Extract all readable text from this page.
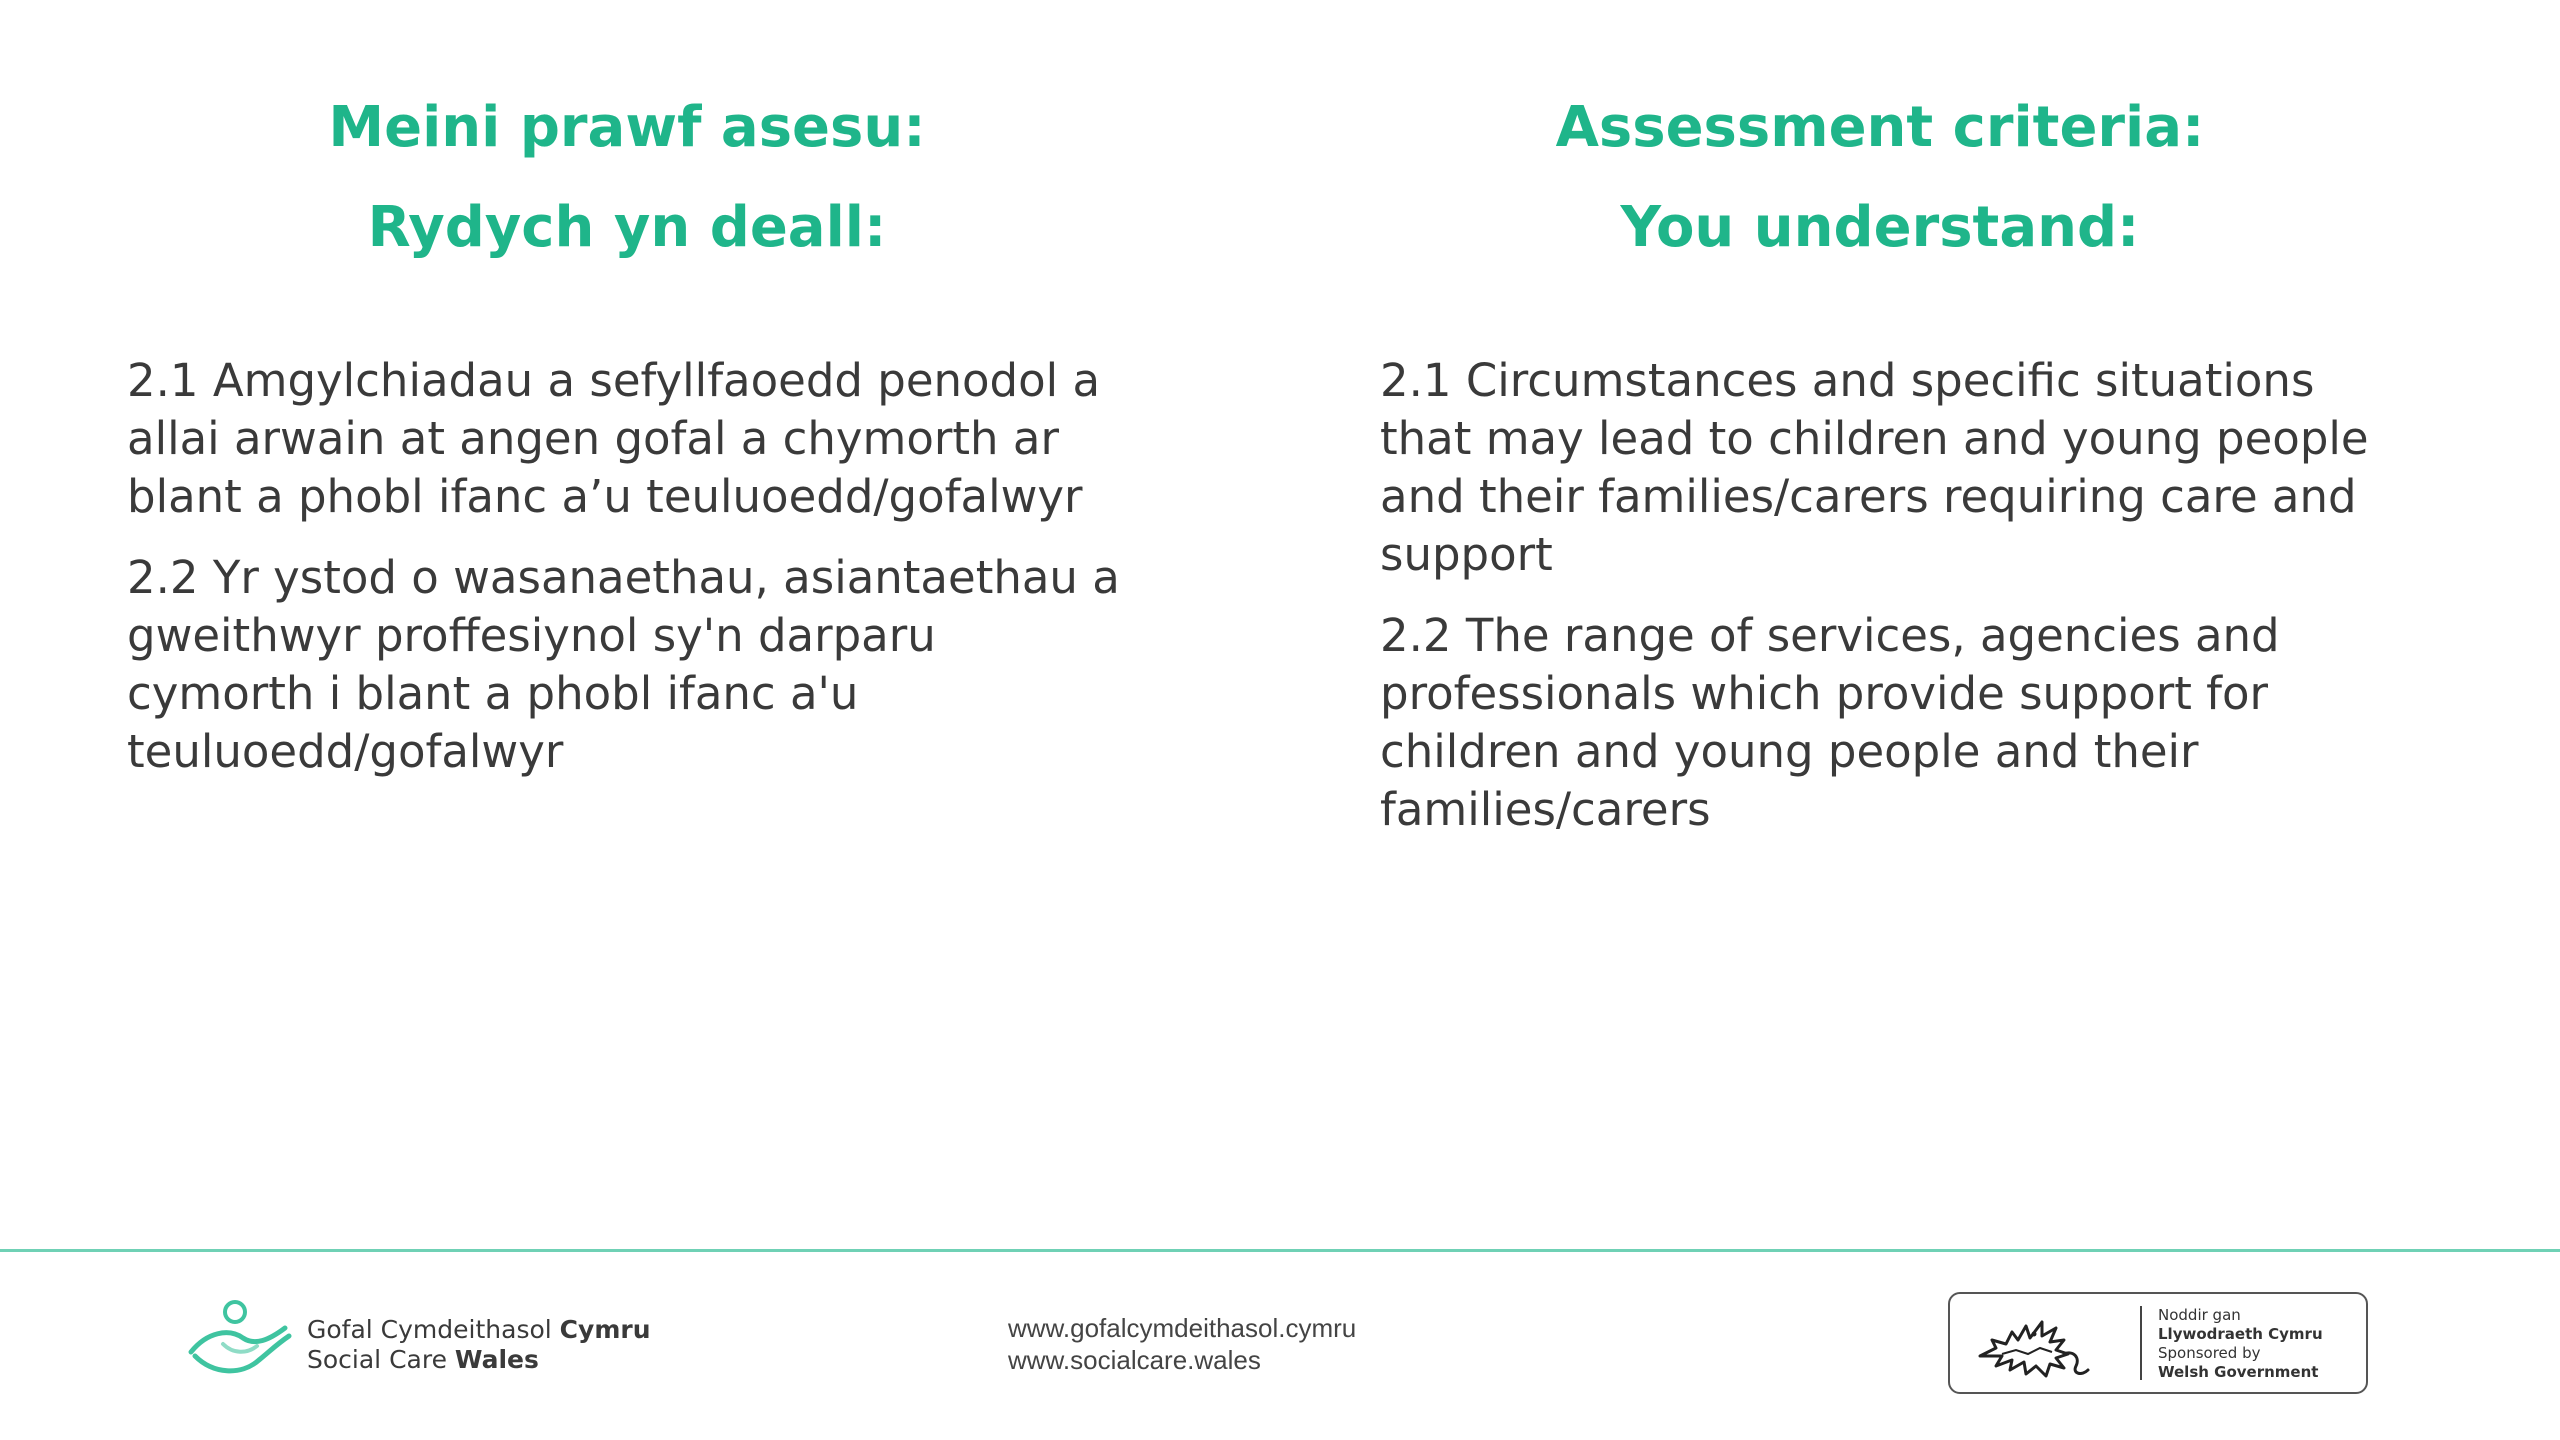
Meini prawf asesu:
Rydych yn deall:

2.1 Amgylchiadau a sefyllfaoedd penodol a allai arwain at angen gofal a chymorth ar blant a phobl ifanc a’u teuluoedd/gofalwyr

2.2 Yr ystod o wasanaethau, asiantaethau a gweithwyr proffesiynol sy'n darparu cymorth i blant a phobl ifanc a'u teuluoedd/gofalwyr

Assessment criteria:
You understand:

2.1 Circumstances and specific situations that may lead to children and young people and their families/carers requiring care and support

2.2 The range of services, agencies and professionals which provide support for children and young people and their families/carers

Gofal Cymdeithasol Cymru
Social Care Wales
www.gofalcymdeithasol.cymru
www.socialcare.wales
Noddir gan
Llywodraeth Cymru
Sponsored by
Welsh Government
